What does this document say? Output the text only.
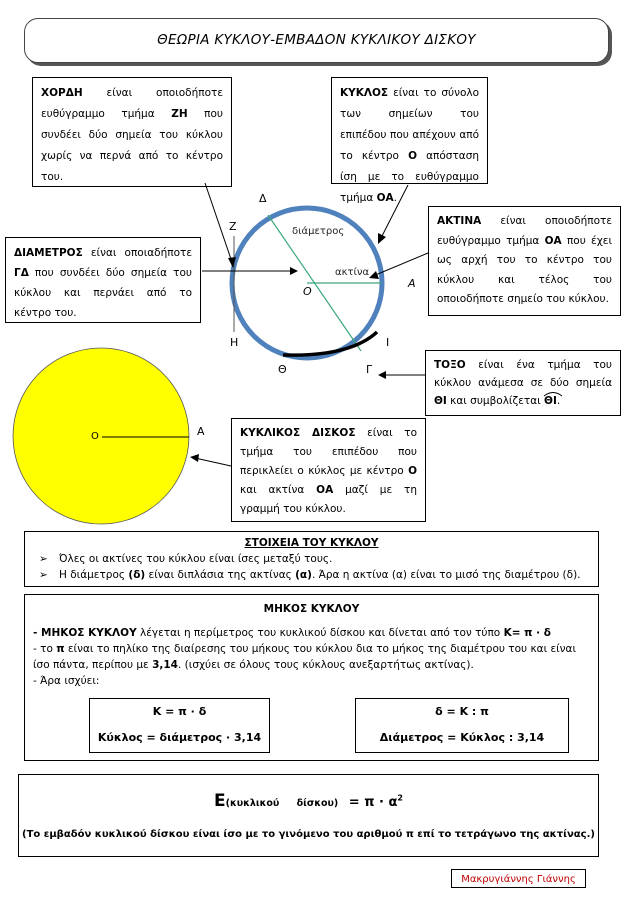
ΘΕΩΡΙΑ ΚΥΚΛΟΥ-ΕΜΒΑΔΟΝ ΚΥΚΛΙΚΟΥ ΔΙΣΚΟΥ
ΧΟΡΔΗ είναι οποιοδήποτε ευθύγραμμο τμήμα ΖΗ που συνδέει δύο σημεία του κύκλου χωρίς να περνά από το κέντρο του.
ΚΥΚΛΟΣ είναι το σύνολο των σημείων του επιπέδου που απέχουν από το κέντρο Ο απόσταση ίση με το ευθύγραμμο τμήμα ΟΑ.
ΔΙΑΜΕΤΡΟΣ είναι οποιαδήποτε ΓΔ που συνδέει δύο σημεία του κύκλου και περνάει από το κέντρο του.
ΑΚΤΙΝΑ είναι οποιοδήποτε ευθύγραμμο τμήμα ΟΑ που έχει ως αρχή του το κέντρο του κύκλου και τέλος του οποιοδήποτε σημείο του κύκλου.
ΤΟΞΟ είναι ένα τμήμα του κύκλου ανάμεσα σε δύο σημεία ΘΙ και συμβολίζεται
ΘΙ.
ΚΥΚΛΙΚΟΣ ΔΙΣΚΟΣ είναι το τμήμα του επιπέδου που περικλείει ο κύκλος με κέντρο Ο και ακτίνα ΟΑ μαζί με τη γραμμή του κύκλου.
Δ
Ζ
Ο
Α
Η	Ι
Θ	Γ
διάμετρος
ακτίνα
Ο	Α
ΣΤΟΙΧΕΙΑ ΤΟΥ ΚΥΚΛΟΥ
➢ Όλες οι ακτίνες του κύκλου είναι ίσες μεταξύ τους.
➢ Η διάμετρος (δ) είναι διπλάσια της ακτίνας (α). Άρα η ακτίνα (α) είναι το μισό της διαμέτρου (δ).
ΜΗΚΟΣ ΚΥΚΛΟΥ
- ΜΗΚΟΣ ΚΥΚΛΟΥ λέγεται η περίμετρος του κυκλικού δίσκου και δίνεται από τον τύπο Κ= π · δ
- το π είναι το πηλίκο της διαίρεσης του μήκους του κύκλου δια το μήκος της διαμέτρου του και είναι ίσο πάντα, περίπου με 3,14. (ισχύει σε όλους τους κύκλους ανεξαρτήτως ακτίνας).
- Άρα ισχύει:
Κ = π · δ
Κύκλος = διάμετρος · 3,14
δ = Κ : π
Διάμετρος = Κύκλος : 3,14
Ε(κυκλικού $\delta ί\sigma\kappa o\upsilon) = \pi \cdot \alpha^2$
(Το εμβαδόν κυκλικού δίσκου είναι ίσο με το γινόμενο του αριθμού π επί το τετράγωνο της ακτίνας.)
Μακρυγιάννης Γιάννης
